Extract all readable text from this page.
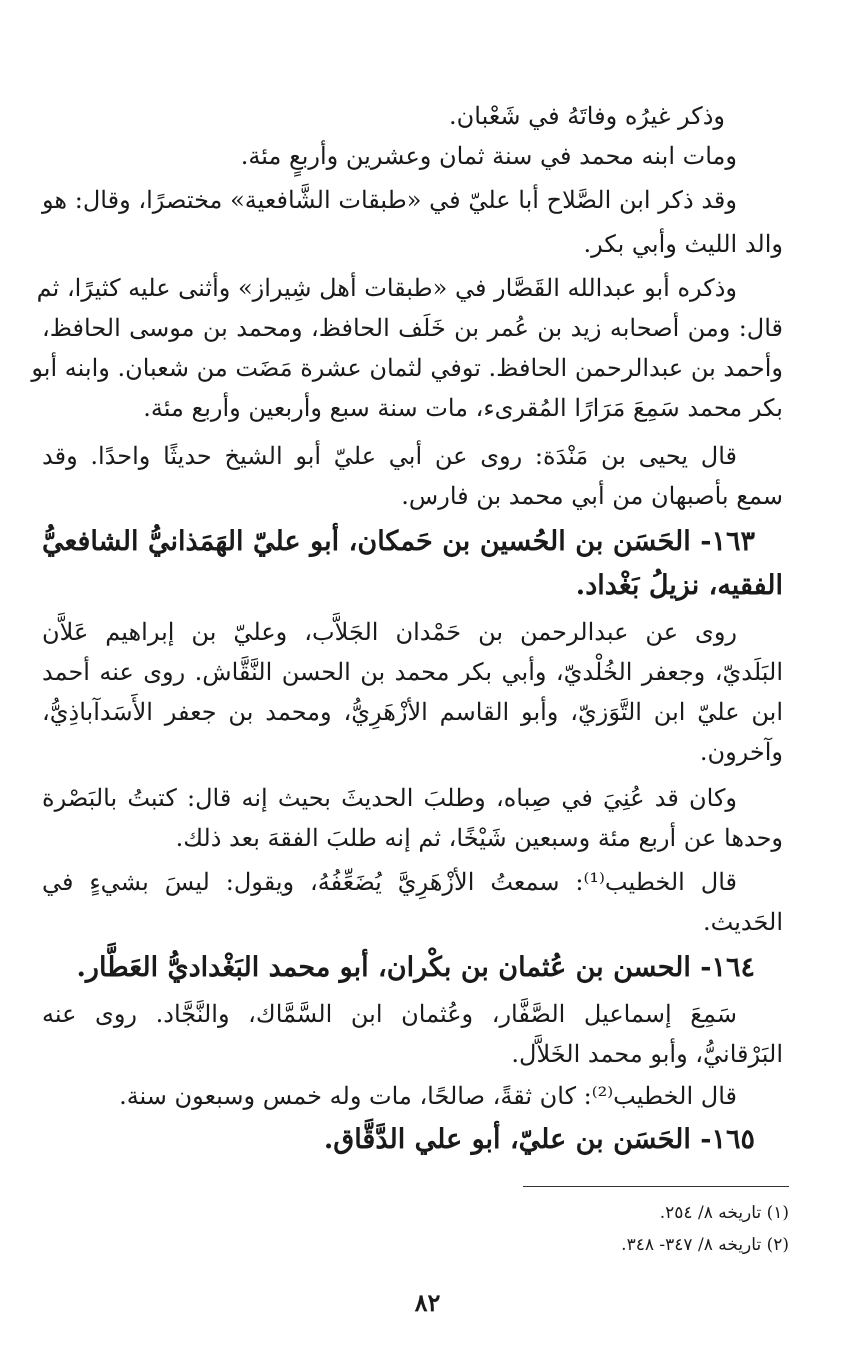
وذكر غيرُه وفاتَهُ في شَعْبان.
ومات ابنه محمد في سنة ثمان وعشرين وأربعٍ مئة.
وقد ذكر ابن الصَّلاح أبا عليّ في «طبقات الشَّافعية» مختصرًا، وقال: هو
والد الليث وأبي بكر.
وذكره أبو عبدالله القَصَّار في «طبقات أهل شِيراز» وأثنى عليه كثيرًا، ثم
قال: ومن أصحابه زيد بن عُمر بن خَلَف الحافظ، ومحمد بن موسى الحافظ،
وأحمد بن عبدالرحمن الحافظ. توفي لثمان عشرة مَضَت من شعبان. وابنه أبو
بكر محمد سَمِعَ مَرَارًا المُقرىء، مات سنة سبع وأربعين وأربع مئة.
قال يحيى بن مَنْدَة: روى عن أبي عليّ أبو الشيخ حديثًا واحدًا. وقد
سمع بأصبهان من أبي محمد بن فارس.
١٦٣- الحَسَن بن الحُسين بن حَمكان، أبو عليّ الهَمَذانيُّ الشافعيُّ
الفقيه، نزيلُ بَغْداد.
روى عن عبدالرحمن بن حَمْدان الجَلاَّب، وعليّ بن إبراهيم عَلاَّن
البَلَديّ، وجعفر الخُلْديّ، وأبي بكر محمد بن الحسن النَّقَّاش. روى عنه أحمد
ابن عليّ ابن التَّوَزيّ، وأبو القاسم الأزْهَرِيُّ، ومحمد بن جعفر الأَسَدآباذِيُّ،
وآخرون.
وكان قد عُنِيَ في صِباه، وطلبَ الحديثَ بحيث إنه قال: كتبتُ بالبَصْرة
وحدها عن أربع مئة وسبعين شَيْخًا، ثم إنه طلبَ الفقهَ بعد ذلك.
قال الخطيب⁽¹⁾: سمعتُ الأزْهَرِيَّ يُضَعِّفُهُ، ويقول: ليسَ بشيءٍ في
الحَديث.
١٦٤- الحسن بن عُثمان بن بكْران، أبو محمد البَغْداديُّ العَطَّار.
سَمِعَ إسماعيل الصَّفَّار، وعُثمان ابن السَّمَّاك، والنَّجَّاد. روى عنه
البَرْقانيُّ، وأبو محمد الخَلاَّل.
قال الخطيب⁽²⁾: كان ثقةً، صالحًا، مات وله خمس وسبعون سنة.
١٦٥- الحَسَن بن عليّ، أبو علي الدَّقَّاق.
(١) تاريخه ٨/ ٢٥٤.
(٢) تاريخه ٨/ ٣٤٧- ٣٤٨.
٨٢
